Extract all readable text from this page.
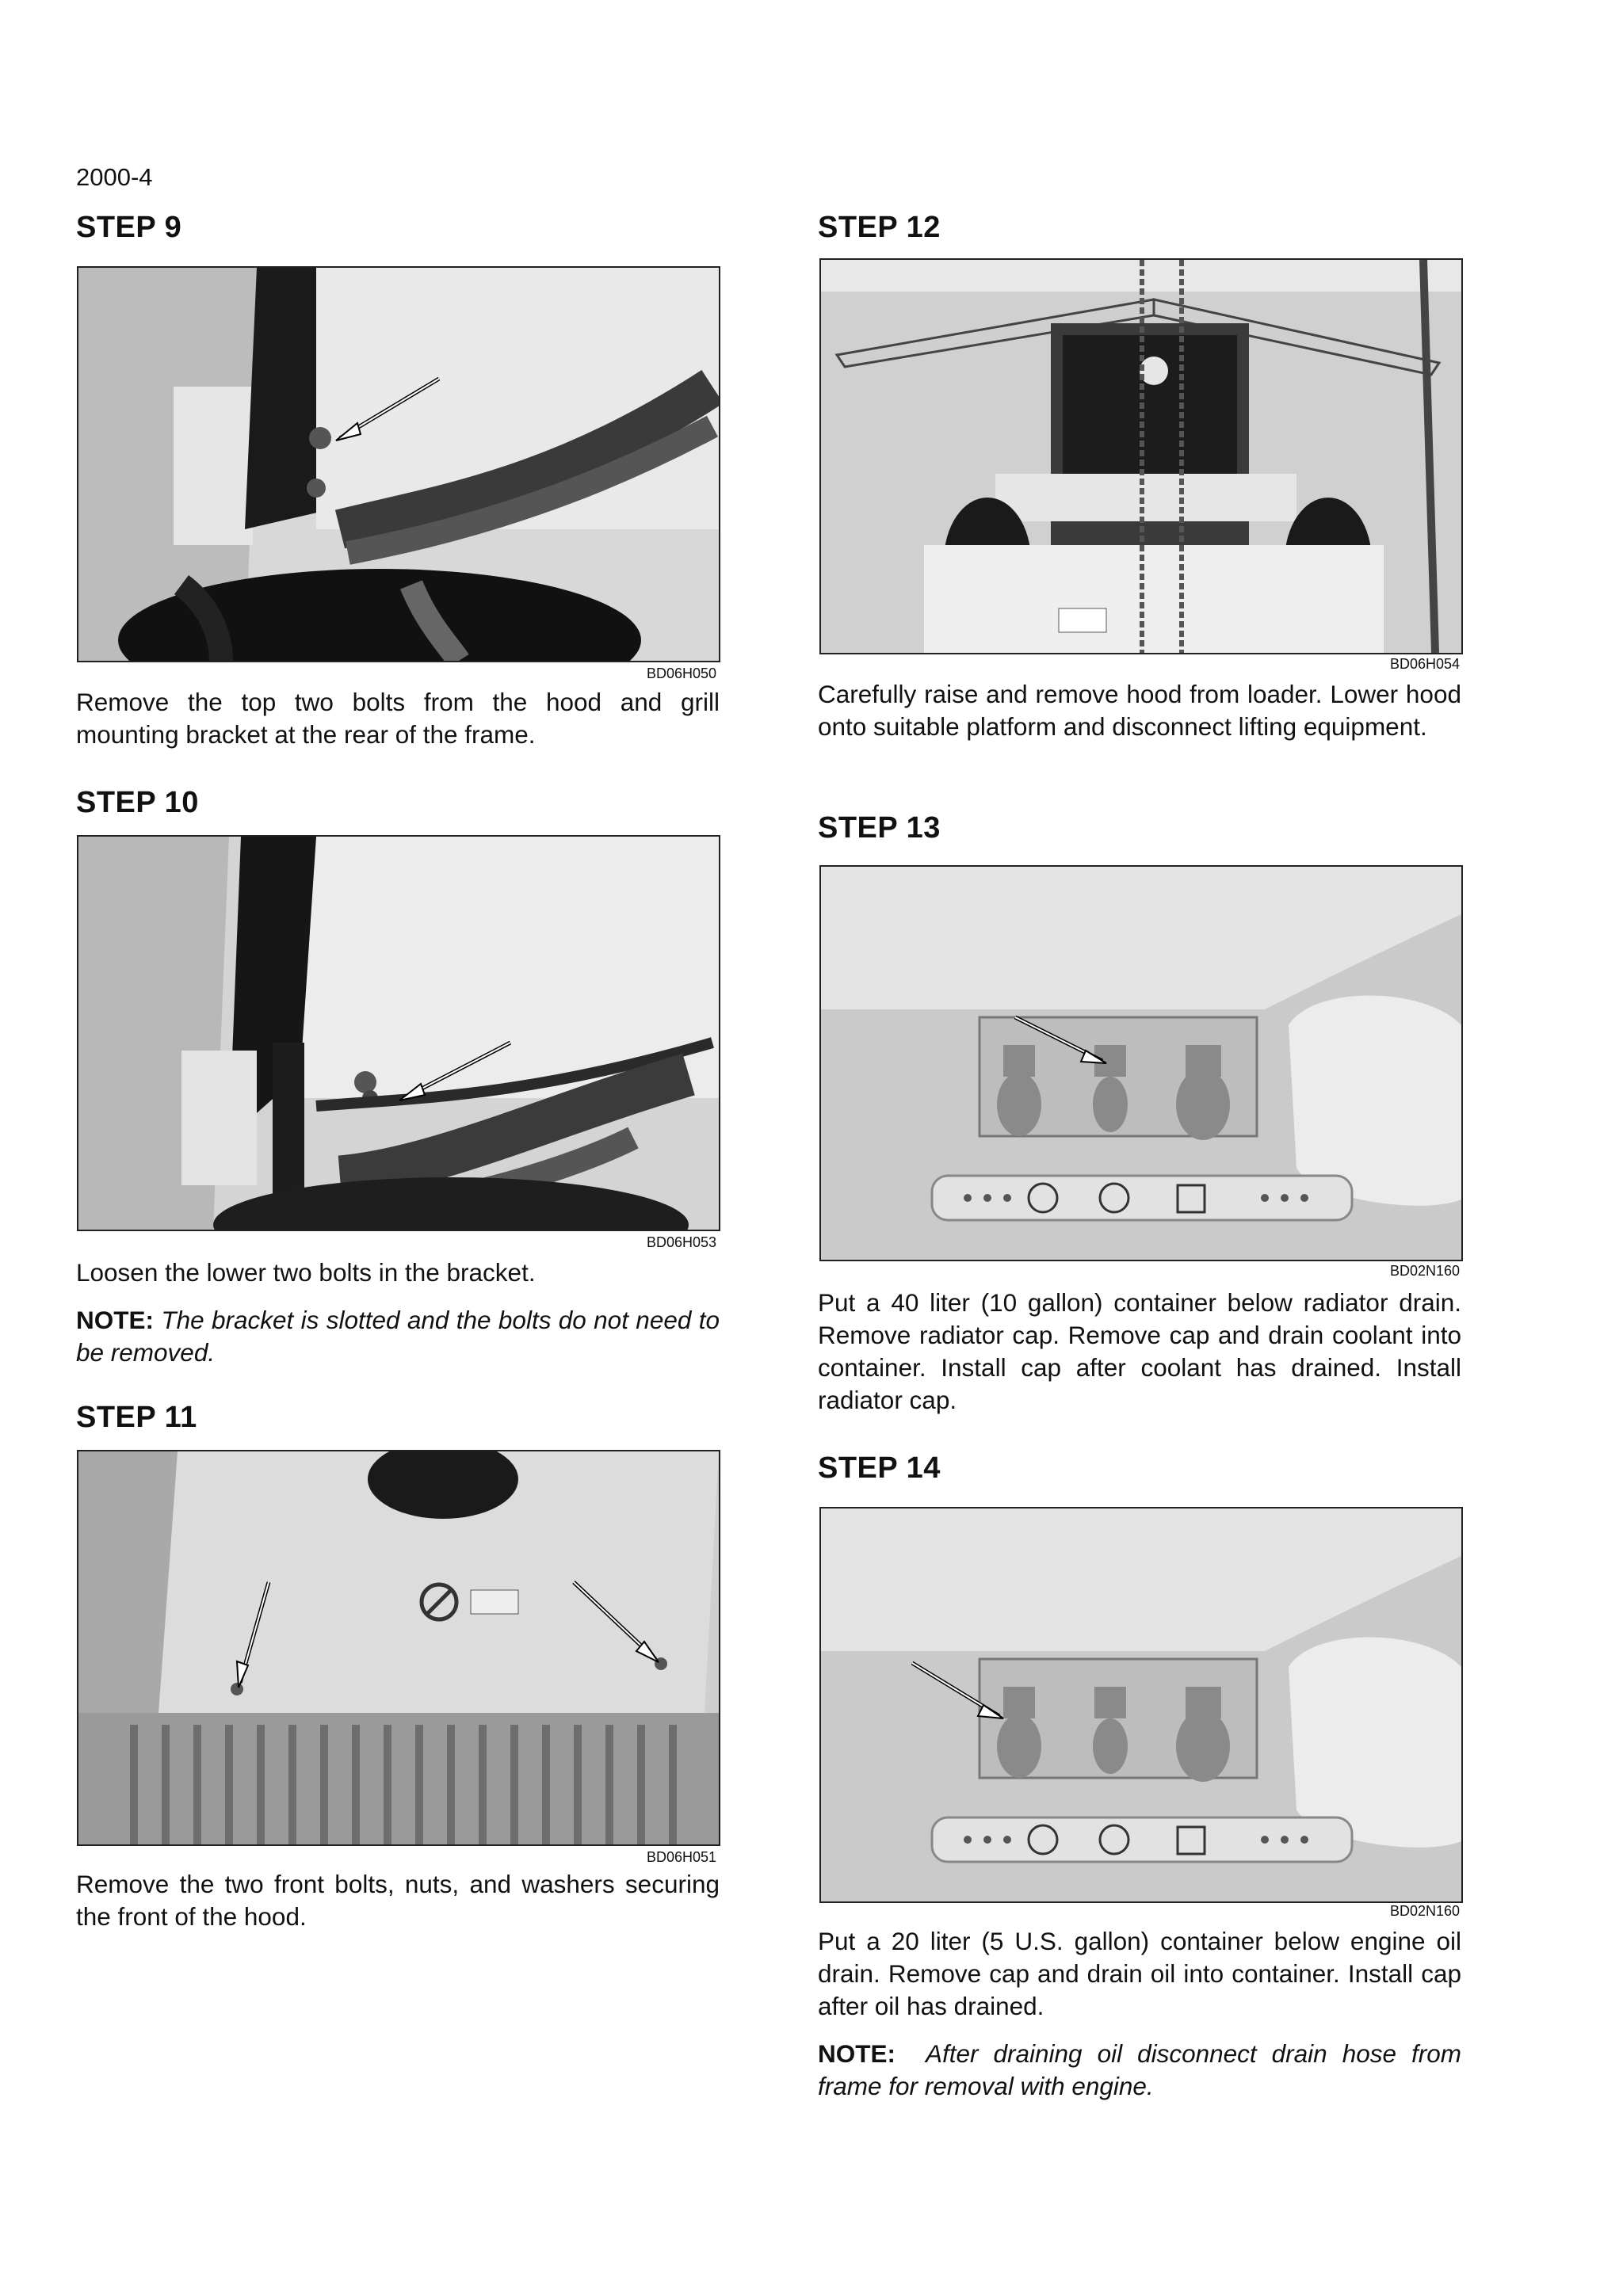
2000-4
STEP 9
BD06H050

Remove the top two bolts from the hood and grill mounting bracket at the rear of the frame.

STEP 10
BD06H053

Loosen the lower two bolts in the bracket.

NOTE: The bracket is slotted and the bolts do not need to be removed.

STEP 11
BD06H051

Remove the two front bolts, nuts, and washers securing the front of the hood.

STEP 12
BD06H054

Carefully raise and remove hood from loader. Lower hood onto suitable platform and disconnect lifting equipment.

STEP 13
BD02N160

Put a 40 liter (10 gallon) container below radiator drain. Remove radiator cap. Remove cap and drain coolant into container. Install cap after coolant has drained. Install radiator cap.

STEP 14
BD02N160

Put a 20 liter (5 U.S. gallon) container below engine oil drain. Remove cap and drain oil into container. Install cap after oil has drained.

NOTE: After draining oil disconnect drain hose from frame for removal with engine.
